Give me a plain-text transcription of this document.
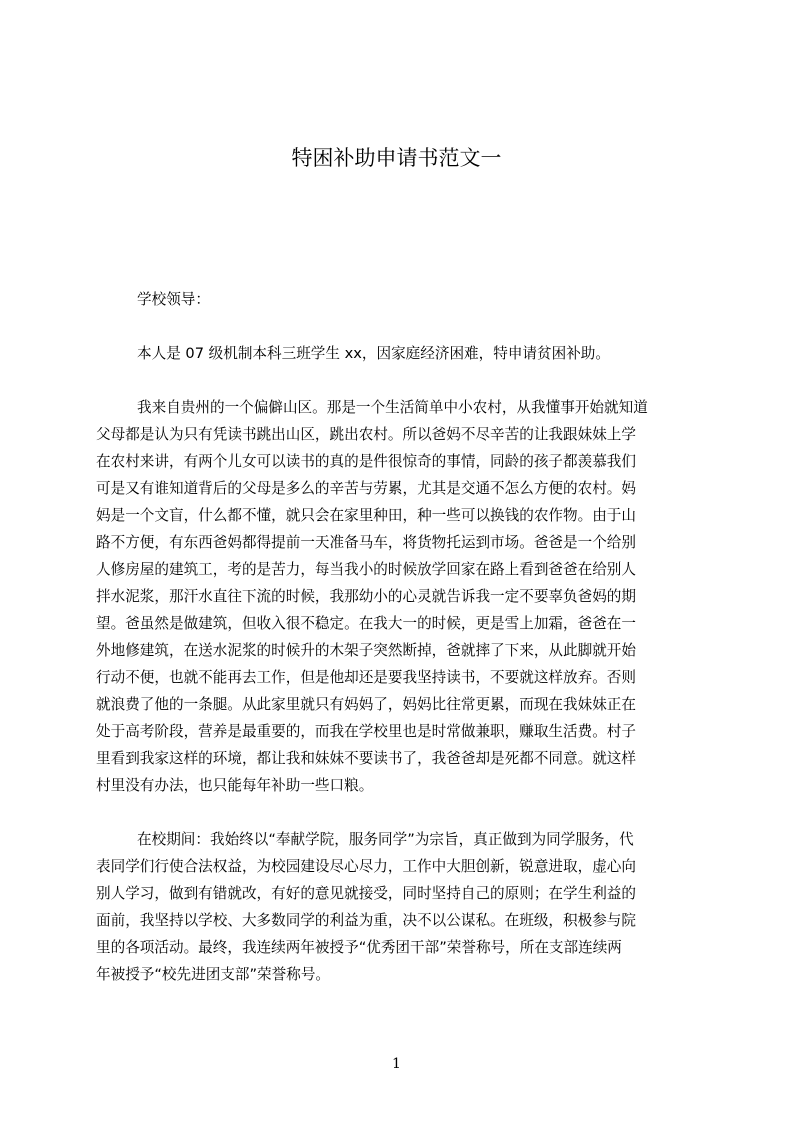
特困补助申请书范文一
学校领导：
本人是 07 级机制本科三班学生 xx，因家庭经济困难，特申请贫困补助。
我来自贵州的一个偏僻山区。那是一个生活简单中小农村，从我懂事开始就知道
父母都是认为只有凭读书跳出山区，跳出农村。所以爸妈不尽辛苦的让我跟妹妹上学
在农村来讲，有两个儿女可以读书的真的是件很惊奇的事情，同龄的孩子都羡慕我们
可是又有谁知道背后的父母是多么的辛苦与劳累，尤其是交通不怎么方便的农村。妈
妈是一个文盲，什么都不懂，就只会在家里种田，种一些可以换钱的农作物。由于山
路不方便，有东西爸妈都得提前一天准备马车，将货物托运到市场。爸爸是一个给别
人修房屋的建筑工，考的是苦力，每当我小的时候放学回家在路上看到爸爸在给别人
拌水泥浆，那汗水直往下流的时候，我那幼小的心灵就告诉我一定不要辜负爸妈的期
望。爸虽然是做建筑，但收入很不稳定。在我大一的时候，更是雪上加霜，爸爸在一
外地修建筑，在送水泥浆的时候升的木架子突然断掉，爸就摔了下来，从此脚就开始
行动不便，也就不能再去工作，但是他却还是要我坚持读书，不要就这样放弃。否则
就浪费了他的一条腿。从此家里就只有妈妈了，妈妈比往常更累，而现在我妹妹正在
处于高考阶段，营养是最重要的，而我在学校里也是时常做兼职，赚取生活费。村子
里看到我家这样的环境，都让我和妹妹不要读书了，我爸爸却是死都不同意。就这样
村里没有办法，也只能每年补助一些口粮。
在校期间：我始终以“奉献学院，服务同学”为宗旨，真正做到为同学服务，代
表同学们行使合法权益，为校园建设尽心尽力，工作中大胆创新，锐意进取，虚心向
别人学习，做到有错就改，有好的意见就接受，同时坚持自己的原则；在学生利益的
面前，我坚持以学校、大多数同学的利益为重，决不以公谋私。在班级，积极参与院
里的各项活动。最终，我连续两年被授予“优秀团干部”荣誉称号，所在支部连续两
年被授予“校先进团支部”荣誉称号。
1
